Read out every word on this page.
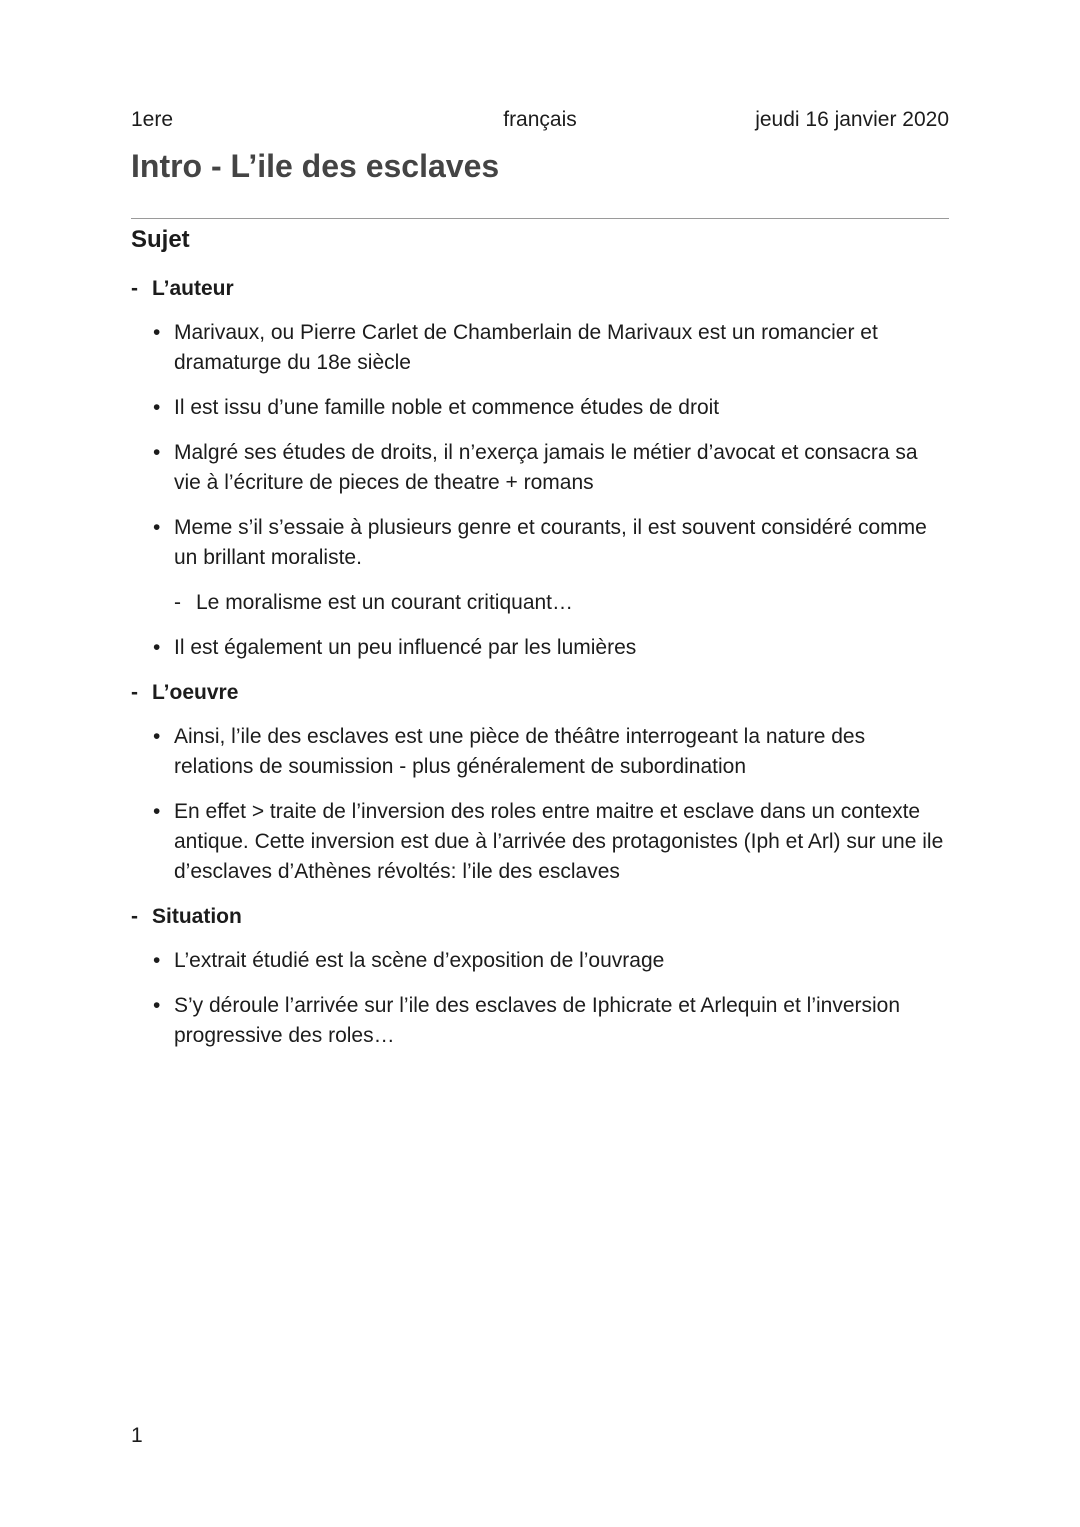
1ere	français	jeudi 16 janvier 2020
Intro - L’ile des esclaves
Sujet
- L’auteur
• Marivaux, ou Pierre Carlet de Chamberlain de Marivaux est un romancier et dramaturge du 18e siècle
• Il est issu d’une famille noble et commence études de droit
• Malgré ses études de droits, il n’exerça jamais le métier d’avocat et consacra sa vie à l’écriture de pieces de theatre + romans
• Meme s’il s’essaie à plusieurs genre et courants, il est souvent considéré comme un brillant moraliste.
- Le moralisme est un courant critiquant…
• Il est également un peu influencé par les lumières
- L’oeuvre
• Ainsi, l’ile des esclaves est une pièce de théâtre interrogeant la nature des relations de soumission - plus généralement de subordination
• En effet > traite de l’inversion des roles entre maitre et esclave dans un contexte antique. Cette inversion est due à l’arrivée des protagonistes (Iph et Arl) sur une ile d’esclaves d’Athènes révoltés: l’ile des esclaves
- Situation
• L’extrait étudié est la scène d’exposition de l’ouvrage
• S’y déroule l’arrivée sur l’ile des esclaves de Iphicrate et Arlequin et l’inversion progressive des roles…
1
